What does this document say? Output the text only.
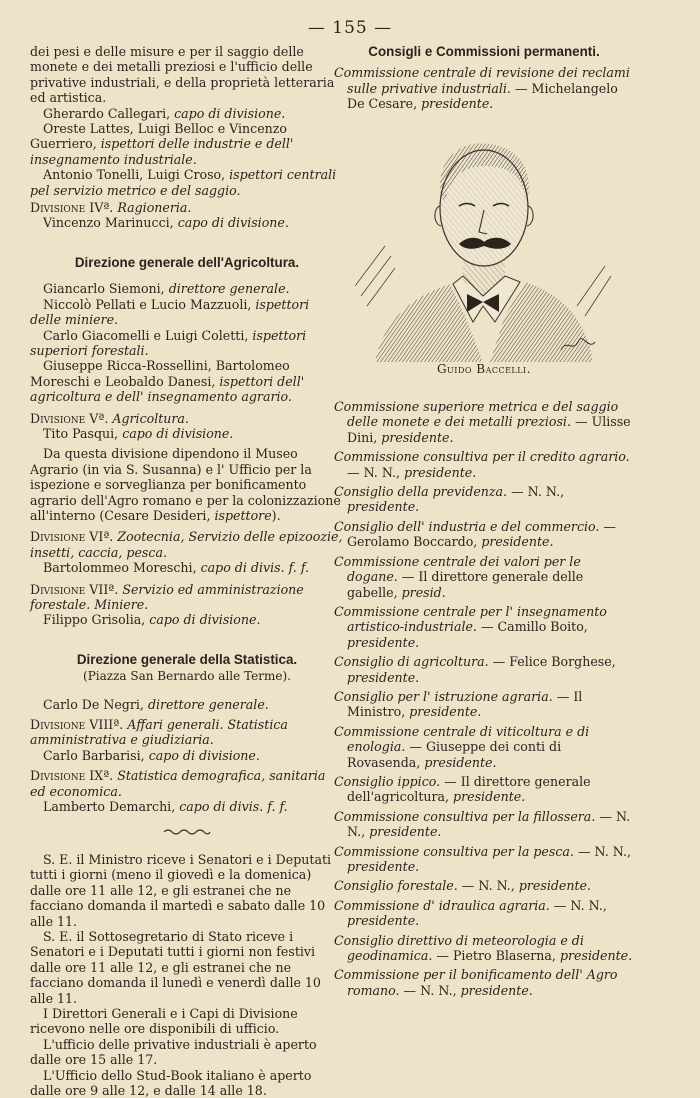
— 155 —

dei pesi e delle misure e per il saggio delle monete e dei metalli preziosi e l'ufficio delle privative industriali, e della proprietà letteraria ed artistica.

Gherardo Callegari, capo di divisione.

Oreste Lattes, Luigi Belloc e Vincenzo Guerriero, ispettori delle industrie e dell' insegnamento industriale.

Antonio Tonelli, Luigi Croso, ispettori centrali pel servizio metrico e del saggio.

Divisione IVª. Ragioneria.

Vincenzo Marinucci, capo di divisione.

Direzione generale dell'Agricoltura.

Giancarlo Siemoni, direttore generale.

Niccolò Pellati e Lucio Mazzuoli, ispettori delle miniere.

Carlo Giacomelli e Luigi Coletti, ispettori superiori forestali.

Giuseppe Ricca-Rossellini, Bartolomeo Moreschi e Leobaldo Danesi, ispettori dell' agricoltura e dell' insegnamento agrario.

Divisione Vª. Agricoltura.

Tito Pasqui, capo di divisione.

Da questa divisione dipendono il Museo Agrario (in via S. Susanna) e l' Ufficio per la ispezione e sorveglianza per bonificamento agrario dell'Agro romano e per la colonizzazione all'interno (Cesare Desideri, ispettore).

Divisione VIª. Zootecnia, Servizio delle epizoozie, insetti, caccia, pesca.

Bartolommeo Moreschi, capo di divis. f. f.

Divisione VIIª. Servizio ed amministrazione forestale. Miniere.

Filippo Grisolia, capo di divisione.

Direzione generale della Statistica.

(Piazza San Bernardo alle Terme).

Carlo De Negri, direttore generale.

Divisione VIIIª. Affari generali. Statistica amministrativa e giudiziaria.

Carlo Barbarisi, capo di divisione.

Divisione IXª. Statistica demografica, sanitaria ed economica.

Lamberto Demarchi, capo di divis. f. f.

S. E. il Ministro riceve i Senatori e i Deputati tutti i giorni (meno il giovedì e la domenica) dalle ore 11 alle 12, e gli estranei che ne facciano domanda il martedì e sabato dalle 10 alle 11.

S. E. il Sottosegretario di Stato riceve i Senatori e i Deputati tutti i giorni non festivi dalle ore 11 alle 12, e gli estranei che ne facciano domanda il lunedì e venerdì dalle 10 alle 11.

I Direttori Generali e i Capi di Divisione ricevono nelle ore disponibili di ufficio.

L'ufficio delle privative industriali è aperto dalle ore 15 alle 17.

L'Ufficio dello Stud-Book italiano è aperto dalle ore 9 alle 12, e dalle 14 alle 18.

Consigli e Commissioni permanenti.

Commissione centrale di revisione dei reclami sulle privative industriali. — Michelangelo De Cesare, presidente.

Guido Baccelli.

Commissione superiore metrica e del saggio delle monete e dei metalli preziosi. — Ulisse Dini, presidente.

Commissione consultiva per il credito agrario. — N. N., presidente.

Consiglio della previdenza. — N. N., presidente.

Consiglio dell' industria e del commercio. — Gerolamo Boccardo, presidente.

Commissione centrale dei valori per le dogane. — Il direttore generale delle gabelle, presid.

Commissione centrale per l' insegnamento artistico-industriale. — Camillo Boito, presidente.

Consiglio di agricoltura. — Felice Borghese, presidente.

Consiglio per l' istruzione agraria. — Il Ministro, presidente.

Commissione centrale di viticoltura e di enologia. — Giuseppe dei conti di Rovasenda, presidente.

Consiglio ippico. — Il direttore generale dell'agricoltura, presidente.

Commissione consultiva per la fillossera. — N. N., presidente.

Commissione consultiva per la pesca. — N. N., presidente.

Consiglio forestale. — N. N., presidente.

Commissione d' idraulica agraria. — N. N., presidente.

Consiglio direttivo di meteorologia e di geodinamica. — Pietro Blaserna, presidente.

Commissione per il bonificamento dell' Agro romano. — N. N., presidente.
